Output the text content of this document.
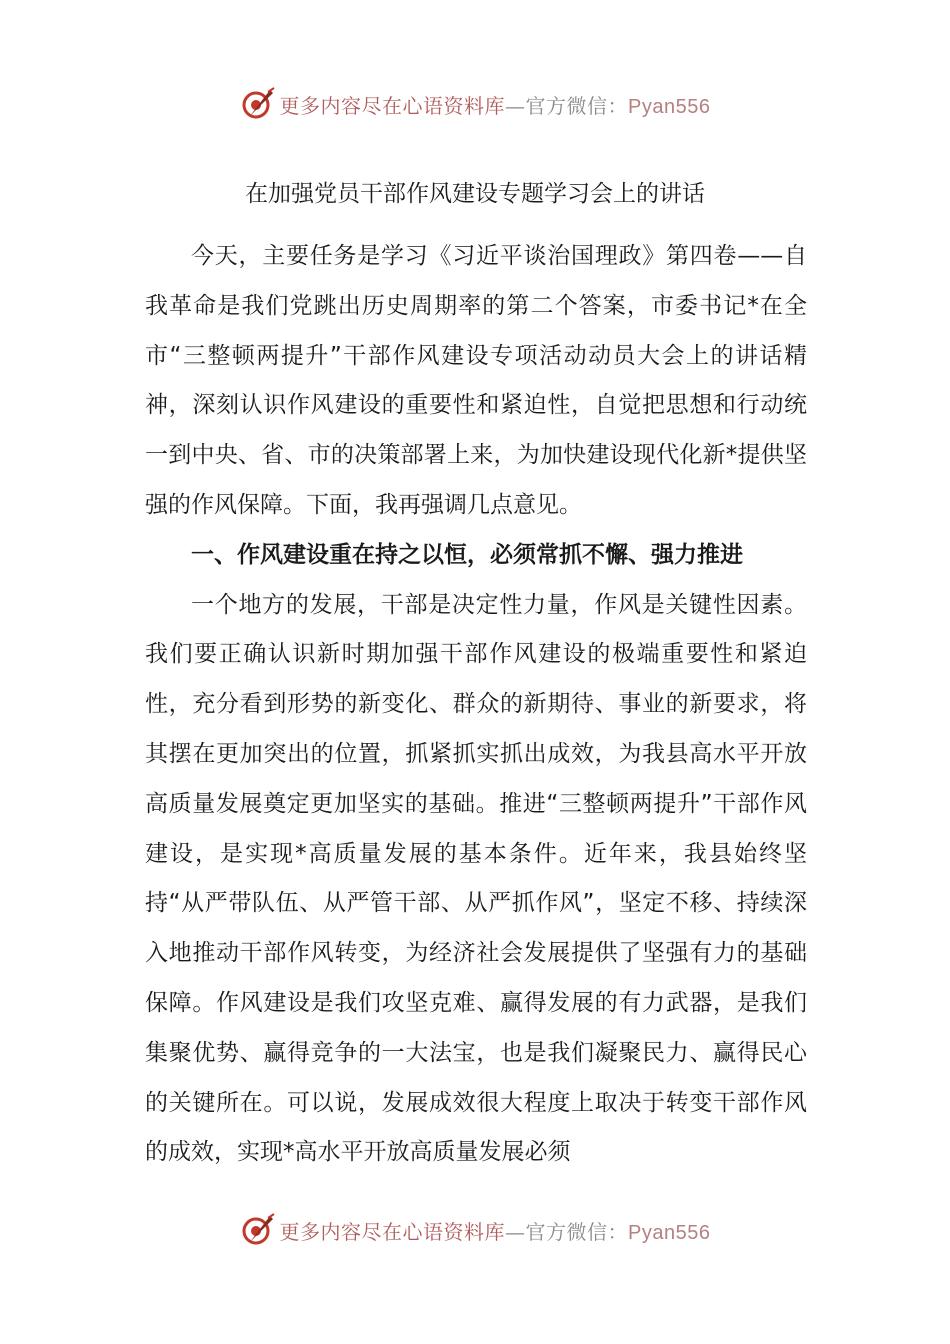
更多内容尽在心语资料库—官方微信：Pyan556
在加强党员干部作风建设专题学习会上的讲话

今天，主要任务是学习《习近平谈治国理政》第四卷——自我革命是我们党跳出历史周期率的第二个答案，市委书记*在全市“三整顿两提升”干部作风建设专项活动动员大会上的讲话精神，深刻认识作风建设的重要性和紧迫性，自觉把思想和行动统一到中央、省、市的决策部署上来，为加快建设现代化新*提供坚强的作风保障。下面，我再强调几点意见。

一、作风建设重在持之以恒，必须常抓不懈、强力推进

一个地方的发展，干部是决定性力量，作风是关键性因素。我们要正确认识新时期加强干部作风建设的极端重要性和紧迫性，充分看到形势的新变化、群众的新期待、事业的新要求，将其摆在更加突出的位置，抓紧抓实抓出成效，为我县高水平开放高质量发展奠定更加坚实的基础。推进“三整顿两提升”干部作风建设，是实现*高质量发展的基本条件。近年来，我县始终坚持“从严带队伍、从严管干部、从严抓作风”，坚定不移、持续深入地推动干部作风转变，为经济社会发展提供了坚强有力的基础保障。作风建设是我们攻坚克难、赢得发展的有力武器，是我们集聚优势、赢得竞争的一大法宝，也是我们凝聚民力、赢得民心的关键所在。可以说，发展成效很大程度上取决于转变干部作风的成效，实现*高水平开放高质量发展必须

更多内容尽在心语资料库—官方微信：Pyan556
